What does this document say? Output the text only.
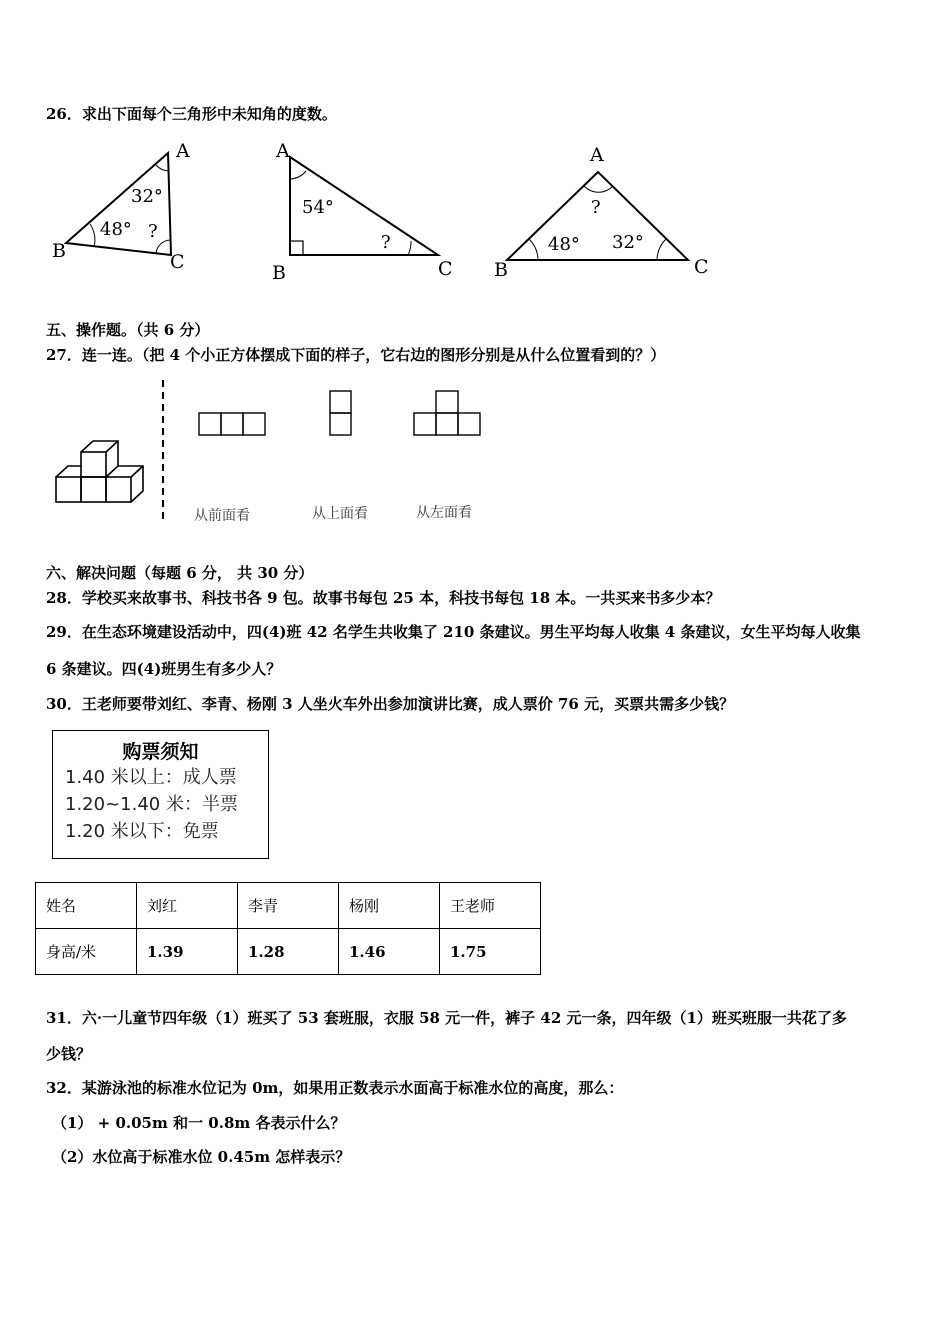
26．求出下面每个三角形中未知角的度数。
A
B	C
32°
48° ?
A
B	C
54°
?
A
B	C
48° 32°
?
五、操作题。（共 6 分）
27．连一连。（把 4 个小正方体摆成下面的样子，它右边的图形分别是从什么位置看到的？）
从前面看	从上面看	从左面看
六、解决问题（每题 6 分， 共 30 分）
28．学校买来故事书、科技书各 9 包。故事书每包 25 本，科技书每包 18 本。一共买来书多少本？
29．在生态环境建设活动中，四(4)班 42 名学生共收集了 210 条建议。男生平均每人收集 4 条建议，女生平均每人收集
6 条建议。四(4)班男生有多少人？
30．王老师要带刘红、李青、杨刚 3 人坐火车外出参加演讲比赛，成人票价 76 元，买票共需多少钱？
购票须知
1.40 米以上：成人票
1.20~1.40 米：半票
1.20 米以下：免票
姓名	刘红	李青	杨刚	王老师
身高/米	1.39	1.28	1.46	1.75
31．六·一儿童节四年级（1）班买了 53 套班服，衣服 58 元一件，裤子 42 元一条，四年级（1）班买班服一共花了多
少钱？
32．某游泳池的标准水位记为 0m，如果用正数表示水面高于标准水位的高度，那么：
（1） + 0.05m 和一 0.8m 各表示什么？
（2）水位高于标准水位 0.45m 怎样表示？
